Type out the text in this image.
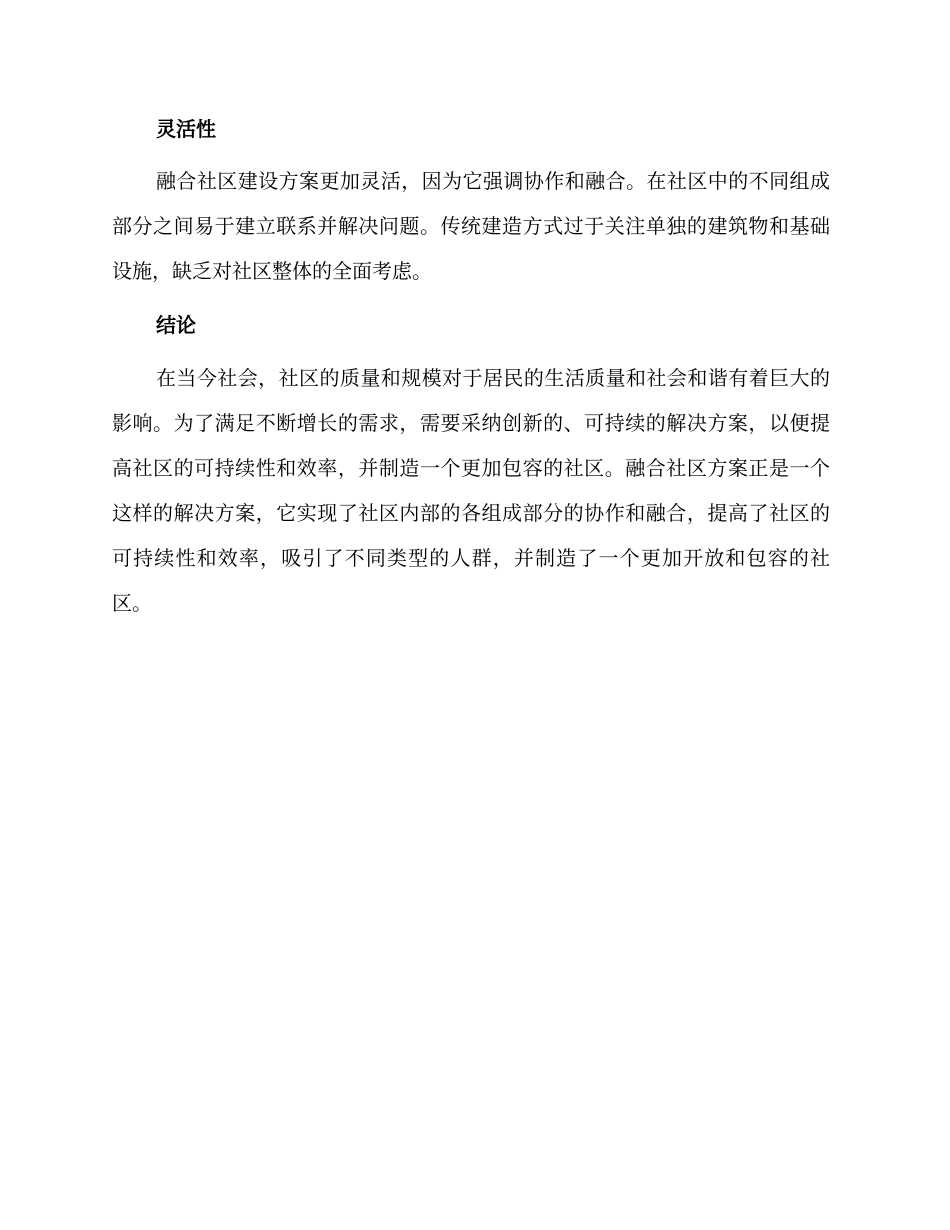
灵活性

融合社区建设方案更加灵活，因为它强调协作和融合。在社区中的不同组成部分之间易于建立联系并解决问题。传统建造方式过于关注单独的建筑物和基础设施，缺乏对社区整体的全面考虑。

结论

在当今社会，社区的质量和规模对于居民的生活质量和社会和谐有着巨大的影响。为了满足不断增长的需求，需要采纳创新的、可持续的解决方案，以便提高社区的可持续性和效率，并制造一个更加包容的社区。融合社区方案正是一个这样的解决方案，它实现了社区内部的各组成部分的协作和融合，提高了社区的可持续性和效率，吸引了不同类型的人群，并制造了一个更加开放和包容的社区。
